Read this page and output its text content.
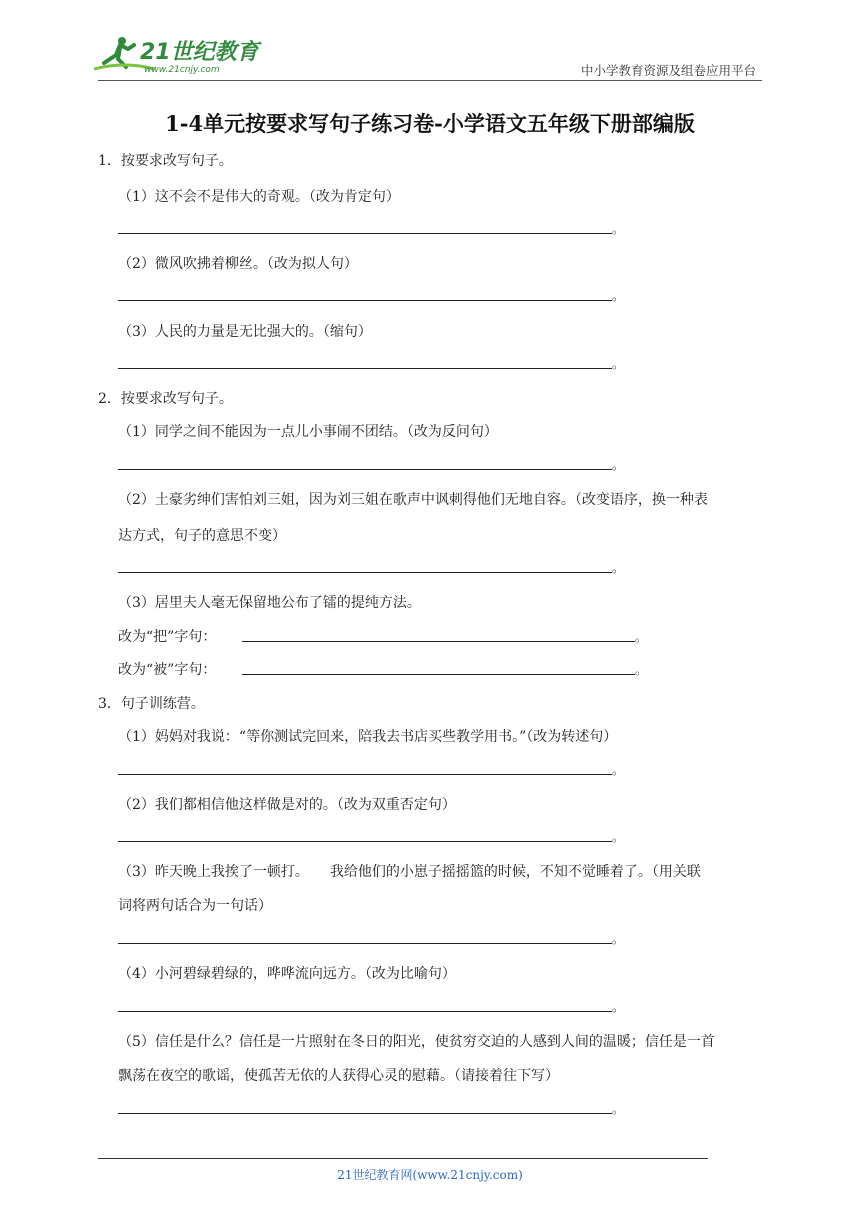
21世纪教育
www.21cnjy.com	中小学教育资源及组卷应用平台
1-4单元按要求写句子练习卷-小学语文五年级下册部编版
1．按要求改写句子。
（1）这不会不是伟大的奇观。（改为肯定句）
。
（2）微风吹拂着柳丝。（改为拟人句）
。
（3）人民的力量是无比强大的。（缩句）
。
2．按要求改写句子。
（1）同学之间不能因为一点儿小事闹不团结。（改为反问句）
。
（2）土豪劣绅们害怕刘三姐，因为刘三姐在歌声中讽刺得他们无地自容。（改变语序，换一种表
达方式，句子的意思不变）
。
（3）居里夫人毫无保留地公布了镭的提纯方法。
改为“把”字句：	。
改为“被”字句：	。
3．句子训练营。
（1）妈妈对我说：“等你测试完回来，陪我去书店买些教学用书。”（改为转述句）
。
（2）我们都相信他这样做是对的。（改为双重否定句）
。
（3）昨天晚上我挨了一顿打。　　我给他们的小崽子摇摇篮的时候，不知不觉睡着了。（用关联
词将两句话合为一句话）
。
（4）小河碧绿碧绿的，哗哗流向远方。（改为比喻句）
。
（5）信任是什么？信任是一片照射在冬日的阳光，使贫穷交迫的人感到人间的温暖；信任是一首
飘荡在夜空的歌谣，使孤苦无依的人获得心灵的慰藉。（请接着往下写）
。
21世纪教育网(www.21cnjy.com)
